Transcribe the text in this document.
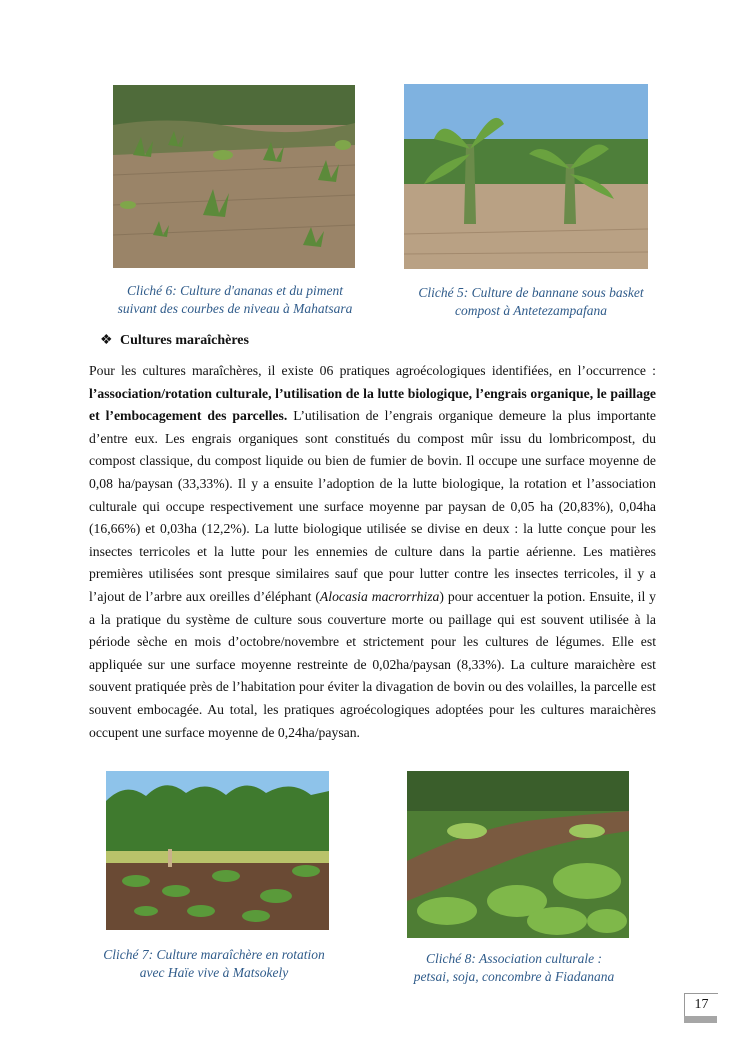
Cliché 6: Culture d'ananas et du piment
suivant des courbes de niveau à Mahatsara
Cliché 5: Culture de bannane sous basket
compost à Antetezampafana
❖ Cultures maraîchères
Pour les cultures maraîchères, il existe 06 pratiques agroécologiques identifiées, en l’occurrence : l’association/rotation culturale, l’utilisation de la lutte biologique, l’engrais organique, le paillage et l’embocagement des parcelles. L’utilisation de l’engrais organique demeure la plus importante d’entre eux. Les engrais organiques sont constitués du compost mûr issu du lombricompost, du compost classique, du compost liquide ou bien de fumier de bovin. Il occupe une surface moyenne de 0,08 ha/paysan (33,33%). Il y a ensuite l’adoption de la lutte biologique, la rotation et l’association culturale qui occupe respectivement une surface moyenne par paysan de 0,05 ha (20,83%), 0,04ha (16,66%) et 0,03ha (12,2%). La lutte biologique utilisée se divise en deux : la lutte conçue pour les insectes terricoles et la lutte pour les ennemies de culture dans la partie aérienne. Les matières premières utilisées sont presque similaires sauf que pour lutter contre les insectes terricoles, il y a l’ajout de l’arbre aux oreilles d’éléphant (Alocasia macrorrhiza) pour accentuer la potion. Ensuite, il y a la pratique du système de culture sous couverture morte ou paillage qui est souvent utilisée à la période sèche en mois d’octobre/novembre et strictement pour les cultures de légumes. Elle est appliquée sur une surface moyenne restreinte de 0,02ha/paysan (8,33%). La culture maraichère est souvent pratiquée près de l’habitation pour éviter la divagation de bovin ou des volailles, la parcelle est souvent embocagée. Au total, les pratiques agroécologiques adoptées pour les cultures maraichères occupent une surface moyenne de 0,24ha/paysan.
Cliché 7: Culture maraîchère en rotation
avec Haïe vive à Matsokely
Cliché 8: Association culturale :
petsai, soja, concombre à Fiadanana
17
